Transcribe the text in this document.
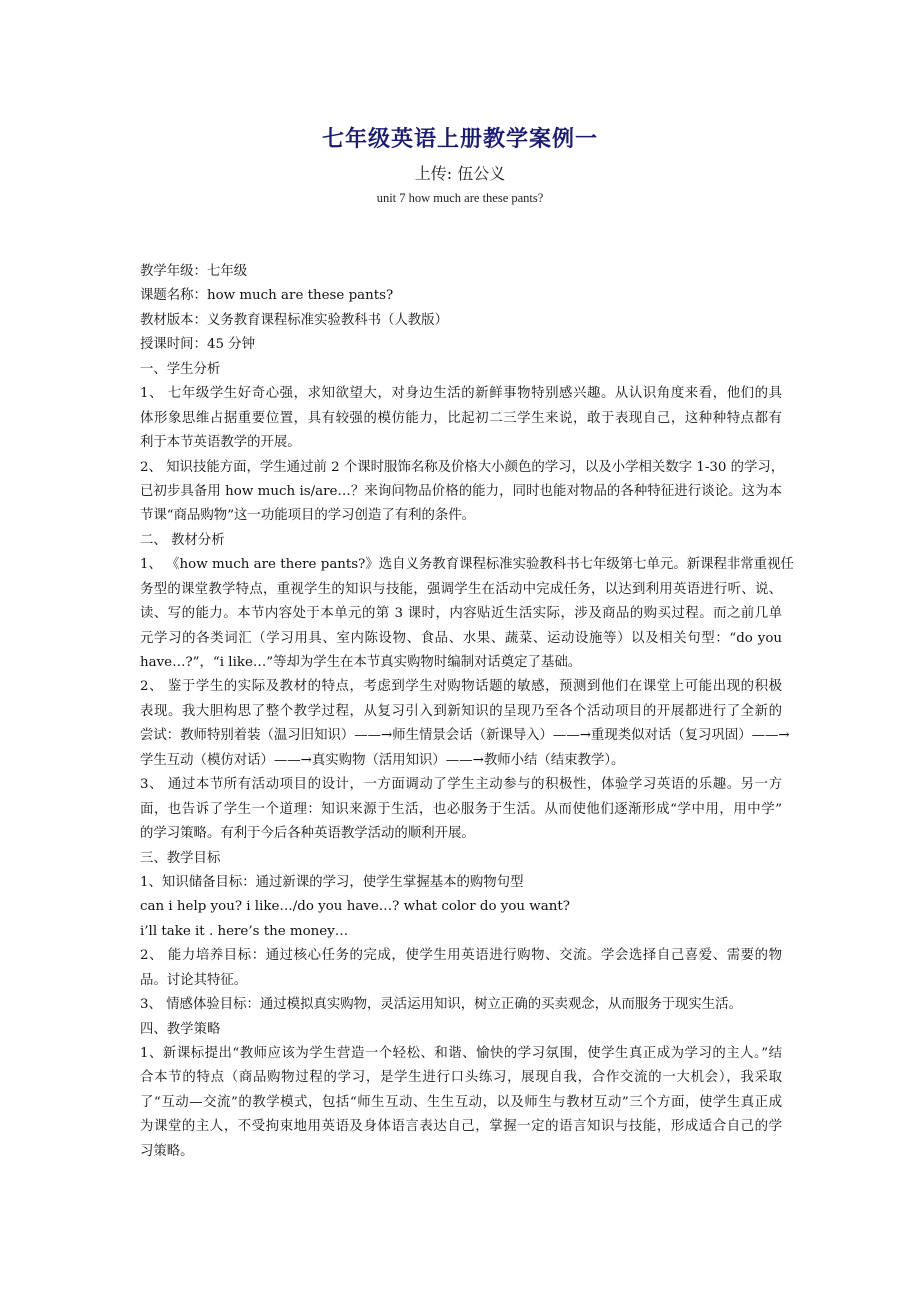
七年级英语上册教学案例一
上传: 伍公义
unit 7 how much are these pants?
教学年级：七年级
课题名称：how much are these pants?
教材版本：义务教育课程标准实验教科书（人教版）
授课时间：45 分钟
一、学生分析
1、 七年级学生好奇心强，求知欲望大，对身边生活的新鲜事物特别感兴趣。从认识角度来看，他们的具
体形象思维占据重要位置，具有较强的模仿能力，比起初二三学生来说，敢于表现自己，这种种特点都有
利于本节英语教学的开展。
2、 知识技能方面，学生通过前 2 个课时服饰名称及价格大小颜色的学习，以及小学相关数字 1-30 的学习，
已初步具备用 how much is/are…？来询问物品价格的能力，同时也能对物品的各种特征进行谈论。这为本
节课“商品购物”这一功能项目的学习创造了有利的条件。
二、 教材分析
1、 《how much are there pants?》选自义务教育课程标准实验教科书七年级第七单元。新课程非常重视任
务型的课堂教学特点，重视学生的知识与技能，强调学生在活动中完成任务，以达到利用英语进行听、说、
读、写的能力。本节内容处于本单元的第 3 课时，内容贴近生活实际，涉及商品的购买过程。而之前几单
元学习的各类词汇（学习用具、室内陈设物、食品、水果、蔬菜、运动设施等）以及相关句型：“do you
have…?”，“i like…”等却为学生在本节真实购物时编制对话奠定了基础。
2、 鉴于学生的实际及教材的特点，考虑到学生对购物话题的敏感，预测到他们在课堂上可能出现的积极
表现。我大胆构思了整个教学过程，从复习引入到新知识的呈现乃至各个活动项目的开展都进行了全新的
尝试：教师特别着装（温习旧知识）——→师生情景会话（新课导入）——→重现类似对话（复习巩固）——→
学生互动（模仿对话）——→真实购物（活用知识）——→教师小结（结束教学）。
3、 通过本节所有活动项目的设计，一方面调动了学生主动参与的积极性，体验学习英语的乐趣。另一方
面，也告诉了学生一个道理：知识来源于生活，也必服务于生活。从而使他们逐渐形成“学中用，用中学”
的学习策略。有利于今后各种英语教学活动的顺利开展。
三、教学目标
1、知识储备目标：通过新课的学习，使学生掌握基本的购物句型
can i help you? i like…/do you have…? what color do you want?
i’ll take it . here’s the money…
2、 能力培养目标：通过核心任务的完成，使学生用英语进行购物、交流。学会选择自己喜爱、需要的物
品。讨论其特征。
3、 情感体验目标：通过模拟真实购物，灵活运用知识，树立正确的买卖观念，从而服务于现实生活。
四、教学策略
1、新课标提出“教师应该为学生营造一个轻松、和谐、愉快的学习氛围，使学生真正成为学习的主人。”结
合本节的特点（商品购物过程的学习，是学生进行口头练习，展现自我，合作交流的一大机会），我采取
了“互动—交流”的教学模式，包括“师生互动、生生互动，以及师生与教材互动”三个方面，使学生真正成
为课堂的主人，不受拘束地用英语及身体语言表达自己，掌握一定的语言知识与技能，形成适合自己的学
习策略。
